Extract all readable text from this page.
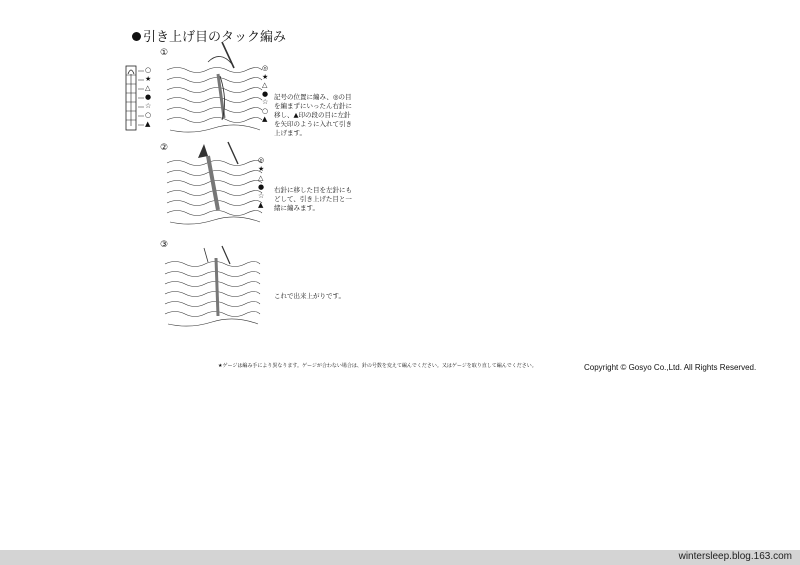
引き上げ目のタック編み
○
★
△
●
☆
○
▲
①
◎
★
△
●
☆
○
▲
記号の位置に編み、◎の目を編まずにいったん右針に移し、▲印の段の目に左針を矢印のように入れて引き上げます。
②
◎
★
△
●
☆
▲
右針に移した目を左針にもどして、引き上げた目と一緒に編みます。
③
これで出来上がりです。
★ゲージは編み手により異なります。ゲージが合わない場合は、針の号数を変えて編んでください。又はゲージを取り直して編んでください。	Copyright © Gosyo Co.,Ltd. All Rights Reserved.
wintersleep.blog.163.com
